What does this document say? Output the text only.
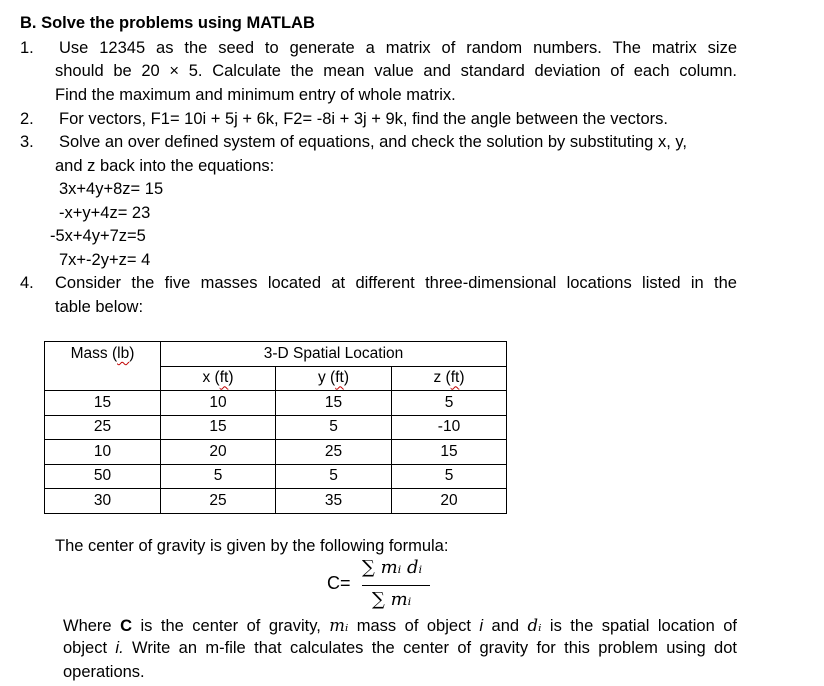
B. Solve the problems using MATLAB
1. Use 12345 as the seed to generate a matrix of random numbers. The matrix size
should be 20 × 5. Calculate the mean value and standard deviation of each column.
Find the maximum and minimum entry of whole matrix.
2. For vectors, F1= 10i + 5j + 6k, F2= -8i + 3j + 9k, find the angle between the vectors.
3. Solve an over defined system of equations, and check the solution by substituting x, y,
and z back into the equations:
3x+4y+8z= 15
-x+y+4z= 23
-5x+4y+7z=5
7x+-2y+z= 4
4. Consider the five masses located at different three-dimensional locations listed in the
table below:
Mass (lb)	3-D Spatial Location		
	x (ft)	y (ft)	z (ft)
15	10	15	5
25	15	5	-10
10	20	25	15
50	5	5	5
30	25	35	20
The center of gravity is given by the following formula:
C=
∑ mᵢ dᵢ
∑ mᵢ
Where C is the center of gravity, mᵢ mass of object i and dᵢ is the spatial location of
object i. Write an m-file that calculates the center of gravity for this problem using dot
operations.
